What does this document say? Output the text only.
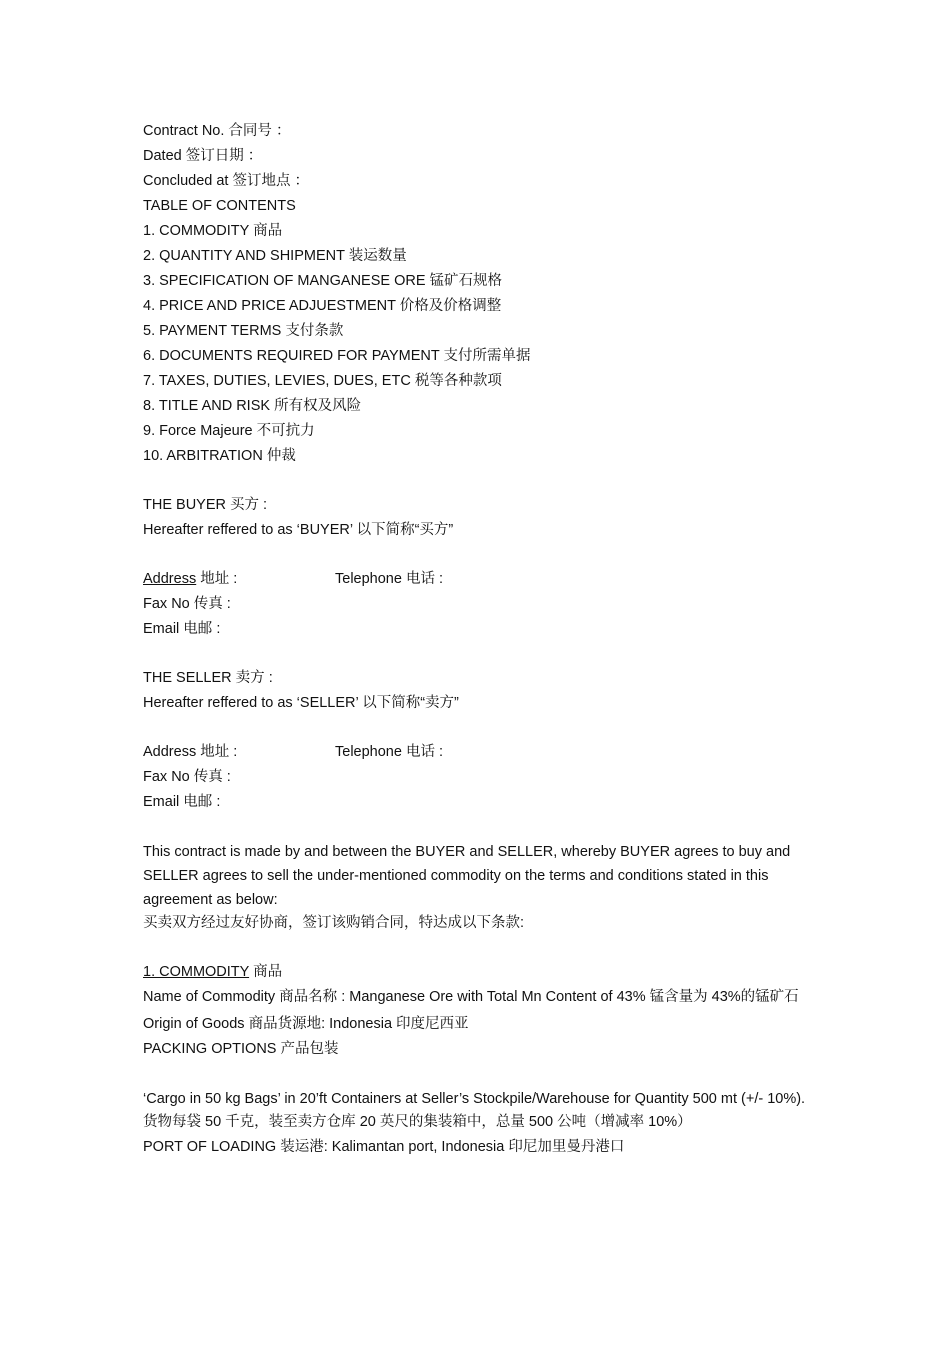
Contract No. 合同号 ：
Dated 签订日期 ：
Concluded at 签订地点 ：
TABLE OF CONTENTS
1. COMMODITY 商品
2. QUANTITY AND SHIPMENT 装运数量
3. SPECIFICATION OF MANGANESE ORE 锰矿石规格
4. PRICE AND PRICE ADJUESTMENT 价格及价格调整
5. PAYMENT TERMS 支付条款
6. DOCUMENTS REQUIRED FOR PAYMENT 支付所需单据
7. TAXES, DUTIES, LEVIES, DUES, ETC 税等各种款项
8. TITLE AND RISK 所有权及风险
9. Force Majeure 不可抗力
10. ARBITRATION 仲裁
THE BUYER 买方 :
Hereafter reffered to as ‘BUYER’ 以下简称“买方”
Address 地址 :	Telephone 电话 :
Fax No 传真 :
Email 电邮 :
THE SELLER 卖方 :
Hereafter reffered to as ‘SELLER’ 以下简称“卖方”
Address 地址 :	Telephone 电话 :
Fax No 传真 :
Email 电邮 :

This contract is made by and between the BUYER and SELLER, whereby BUYER agrees to buy and SELLER agrees to sell the under-mentioned commodity on the terms and conditions stated in this agreement as below:

买卖双方经过友好协商，签订该购销合同，特达成以下条款:
1. COMMODITY 商品

Name of Commodity 商品名称 : Manganese Ore with Total Mn Content of 43% 锰含量为 43%的锰矿石

Origin of Goods 商品货源地: Indonesia 印度尼西亚
PACKING OPTIONS 产品包装

‘Cargo in 50 kg Bags’ in 20’ft Containers at Seller’s Stockpile/Warehouse for Quantity 500 mt (+/- 10%).

货物每袋 50 千克，装至卖方仓库 20 英尺的集装箱中，总量 500 公吨（增减率 10%）
PORT OF LOADING 装运港: Kalimantan port, Indonesia 印尼加里曼丹港口
